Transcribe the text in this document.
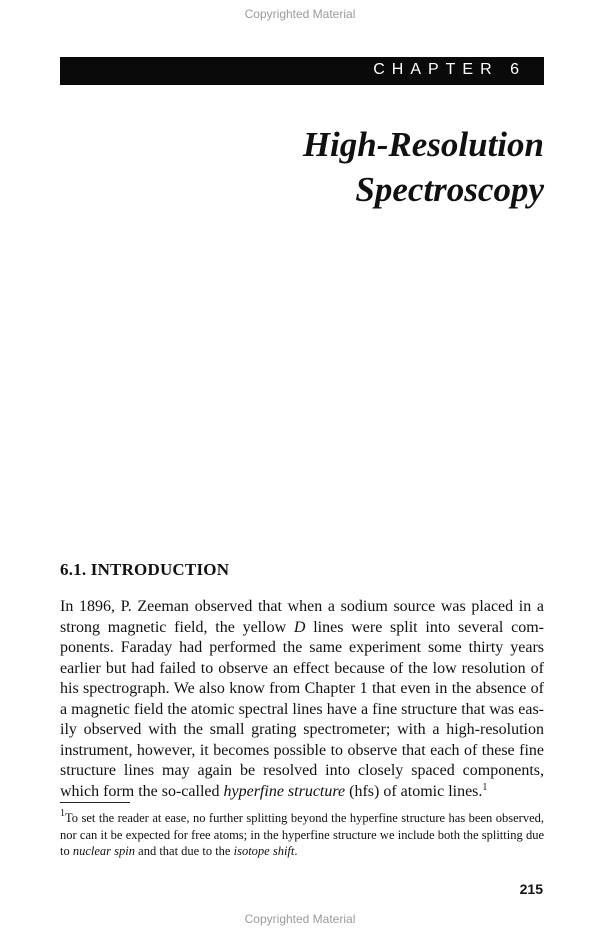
Copyrighted Material
CHAPTER 6
High-Resolution
Spectroscopy
6.1. INTRODUCTION

In 1896, P. Zeeman observed that when a sodium source was placed in a strong magnetic field, the yellow D lines were split into several components. Faraday had performed the same experiment some thirty years earlier but had failed to observe an effect because of the low resolution of his spectrograph. We also know from Chapter 1 that even in the absence of a magnetic field the atomic spectral lines have a fine structure that was easily observed with the small grating spectrometer; with a high-resolution instrument, however, it becomes possible to observe that each of these fine structure lines may again be resolved into closely spaced components, which form the so-called hyperfine structure (hfs) of atomic lines.$^1$

$^1$To set the reader at ease, no further splitting beyond the hyperfine structure has been observed, nor can it be expected for free atoms; in the hyperfine structure we include both the splitting due to nuclear spin and that due to the isotope shift.

215
Copyrighted Material
